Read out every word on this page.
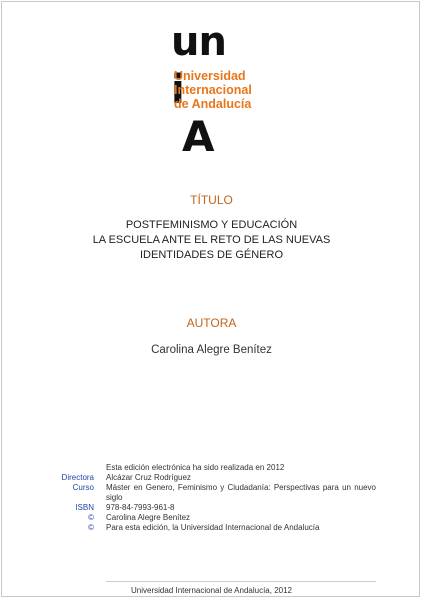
un
i
A
Universidad
Internacional
de Andalucía
TÍTULO
POSTFEMINISMO Y EDUCACIÓN
LA ESCUELA ANTE EL RETO DE LAS NUEVAS
IDENTIDADES DE GÉNERO
AUTORA
Carolina Alegre Benítez
Esta edición electrónica ha sido realizada en 2012
Directora Alcázar Cruz Rodríguez
Curso Máster en Genero, Feminismo y Ciudadanía: Perspectivas para un nuevo siglo
ISBN 978-84-7993-961-8
© Carolina Alegre Benítez
© Para esta edición, la Universidad Internacional de Andalucía
Universidad Internacional de Andalucía, 2012
